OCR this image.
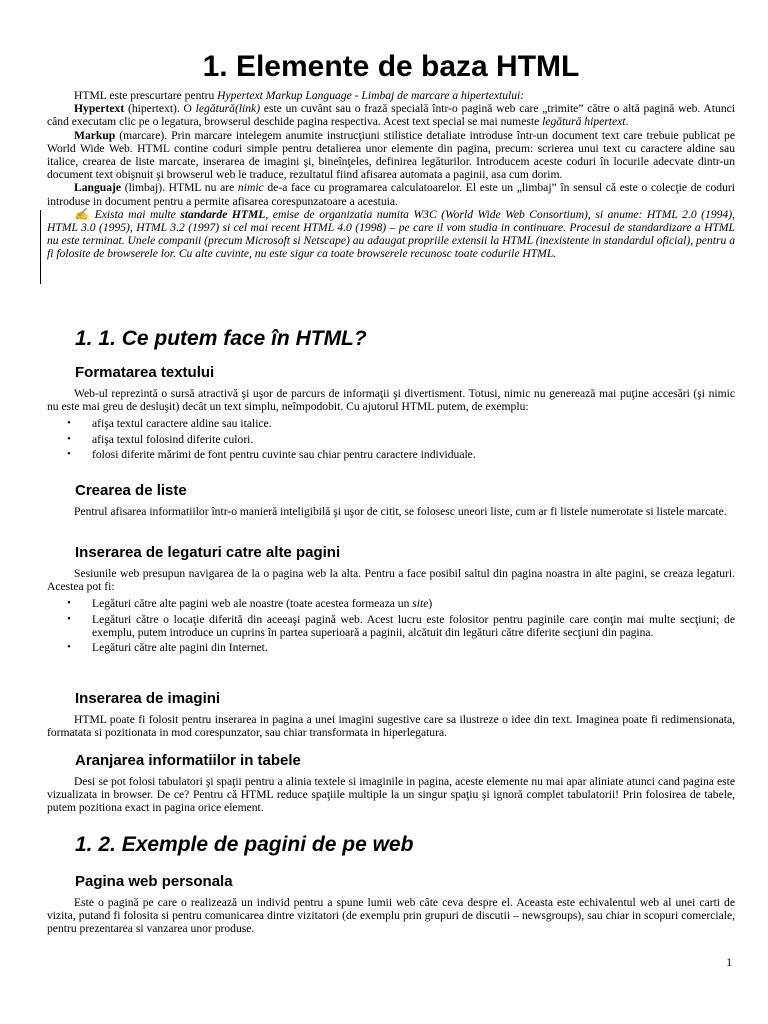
1. Elemente de baza HTML

HTML este prescurtare pentru Hypertext Markup Language - Limbaj de marcare a hipertextului:

Hypertext (hipertext). O legătură(link) este un cuvânt sau o frază specială într-o pagină web care „trimite” către o altă pagină web. Atunci când executam clic pe o legatura, browserul deschide pagina respectiva. Acest text special se mai numeste legătură hipertext.

Markup (marcare). Prin marcare intelegem anumite instrucţiuni stilistice detaliate introduse într-un document text care trebuie publicat pe World Wide Web. HTML contine coduri simple pentru detalierea unor elemente din pagina, precum: scrierea unui text cu caractere aldine sau italice, crearea de liste marcate, inserarea de imagini şi, bineînţeles, definirea legăturilor. Introducem aceste coduri în locurile adecvate dintr-un document text obişnuit şi browserul web le traduce, rezultatul fiind afisarea automata a paginii, asa cum dorim.

Languaje (limbaj). HTML nu are nimic de-a face cu programarea calculatoarelor. El este un „limbaj” în sensul că este o colecţie de coduri introduse in document pentru a permite afisarea corespunzatoare a acestuia.

✍ Exista mai multe standarde HTML, emise de organizatia numita W3C (World Wide Web Consortium), si anume: HTML 2.0 (1994), HTML 3.0 (1995), HTML 3.2 (1997) si cel mai recent HTML 4.0 (1998) – pe care il vom studia in continuare. Procesul de standardizare a HTML nu este terminat. Unele companii (precum Microsoft si Netscape) au adaugat propriile extensii la HTML (inexistente in standardul oficial), pentru a fi folosite de browserele lor. Cu alte cuvinte, nu este sigur ca toate browserele recunosc toate codurile HTML.

1. 1. Ce putem face în HTML?
Formatarea textului

Web-ul reprezintă o sursă atractivă şi uşor de parcurs de informaţii şi divertisment. Totusi, nimic nu generează mai puţine accesări (şi nimic nu este mai greu de desluşit) decât un text simplu, neîmpodobit. Cu ajutorul HTML putem, de exemplu:

• afişa textul caractere aldine sau italice.
• afişa textul folosind diferite culori.
• folosi diferite mărimi de font pentru cuvinte sau chiar pentru caractere individuale.
Crearea de liste

Pentrul afisarea informatiilor într-o manieră inteligibilă şi uşor de citit, se folosesc uneori liste, cum ar fi listele numerotate si listele marcate.

Inserarea de legaturi catre alte pagini

Sesiunile web presupun navigarea de la o pagina web la alta. Pentru a face posibil saltul din pagina noastra in alte pagini, se creaza legaturi. Acestea pot fi:

• Legături către alte pagini web ale noastre (toate acestea formeaza un site)
• Legături către o locaţie diferită din aceeaşi pagină web. Acest lucru este folositor pentru paginile care conţin mai multe secţiuni; de exemplu, putem introduce un cuprins în partea superioară a paginii, alcătuit din legături către diferite secţiuni din pagina.
• Legături către alte pagini din Internet.
Inserarea de imagini

HTML poate fi folosit pentru inserarea in pagina a unei imagini sugestive care sa ilustreze o idee din text. Imaginea poate fi redimensionata, formatata si pozitionata in mod corespunzator, sau chiar transformata in hiperlegatura.

Aranjarea informatiilor in tabele

Desi se pot folosi tabulatori şi spaţii pentru a alinia textele si imaginile in pagina, aceste elemente nu mai apar aliniate atunci cand pagina este vizualizata in browser. De ce? Pentru că HTML reduce spaţiile multiple la un singur spaţiu şi ignoră complet tabulatorii! Prin folosirea de tabele, putem pozitiona exact in pagina orice element.

1. 2. Exemple de pagini de pe web
Pagina web personala

Este o pagină pe care o realizează un individ pentru a spune lumii web câte ceva despre el. Aceasta este echivalentul web al unei carti de vizita, putand fi folosita si pentru comunicarea dintre vizitatori (de exemplu prin grupuri de discutii – newsgroups), sau chiar in scopuri comerciale, pentru prezentarea si vanzarea unor produse.

1
